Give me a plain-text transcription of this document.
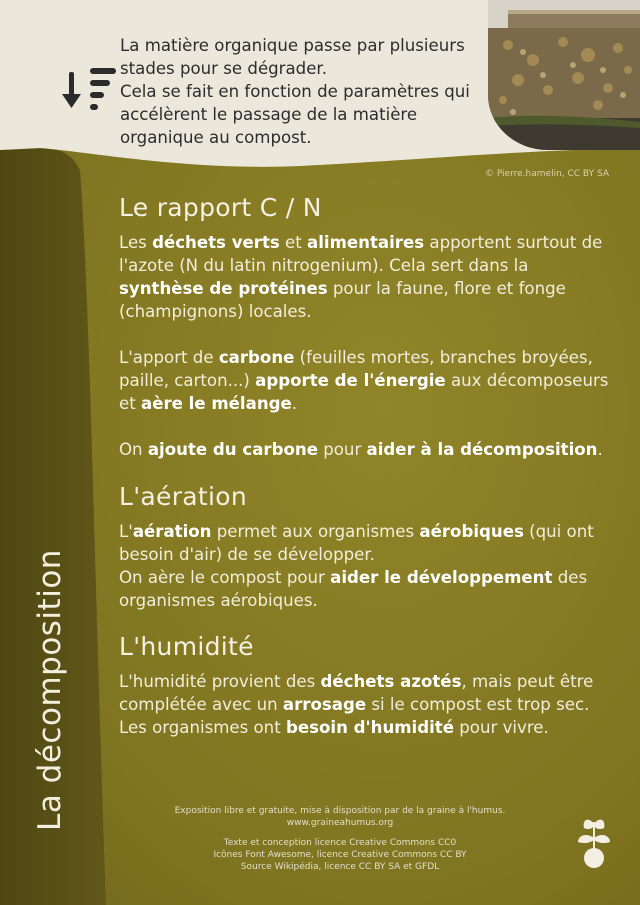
La matière organique passe par plusieurs stades pour se dégrader.

Cela se fait en fonction de paramètres qui accélèrent le passage de la matière organique au compost.

© Pierre.hamelin, CC BY SA
La décomposition
Le rapport C / N

Les déchets verts et alimentaires apportent surtout de l'azote (N du latin nitrogenium). Cela sert dans la synthèse de protéines pour la faune, flore et fonge (champignons) locales.

L'apport de carbone (feuilles mortes, branches broyées, paille, carton...) apporte de l'énergie aux décomposeurs et aère le mélange.

On ajoute du carbone pour aider à la décomposition.

L'aération

L'aération permet aux organismes aérobiques (qui ont besoin d'air) de se développer.

On aère le compost pour aider le développement des organismes aérobiques.

L'humidité

L'humidité provient des déchets azotés, mais peut être complétée avec un arrosage si le compost est trop sec. Les organismes ont besoin d'humidité pour vivre.

Exposition libre et gratuite, mise à disposition par de la graine à l'humus.

www.graineahumus.org

Texte et conception licence Creative Commons CC0

Icônes Font Awesome, licence Creative Commons CC BY

Source Wikipédia, licence CC BY SA et GFDL
